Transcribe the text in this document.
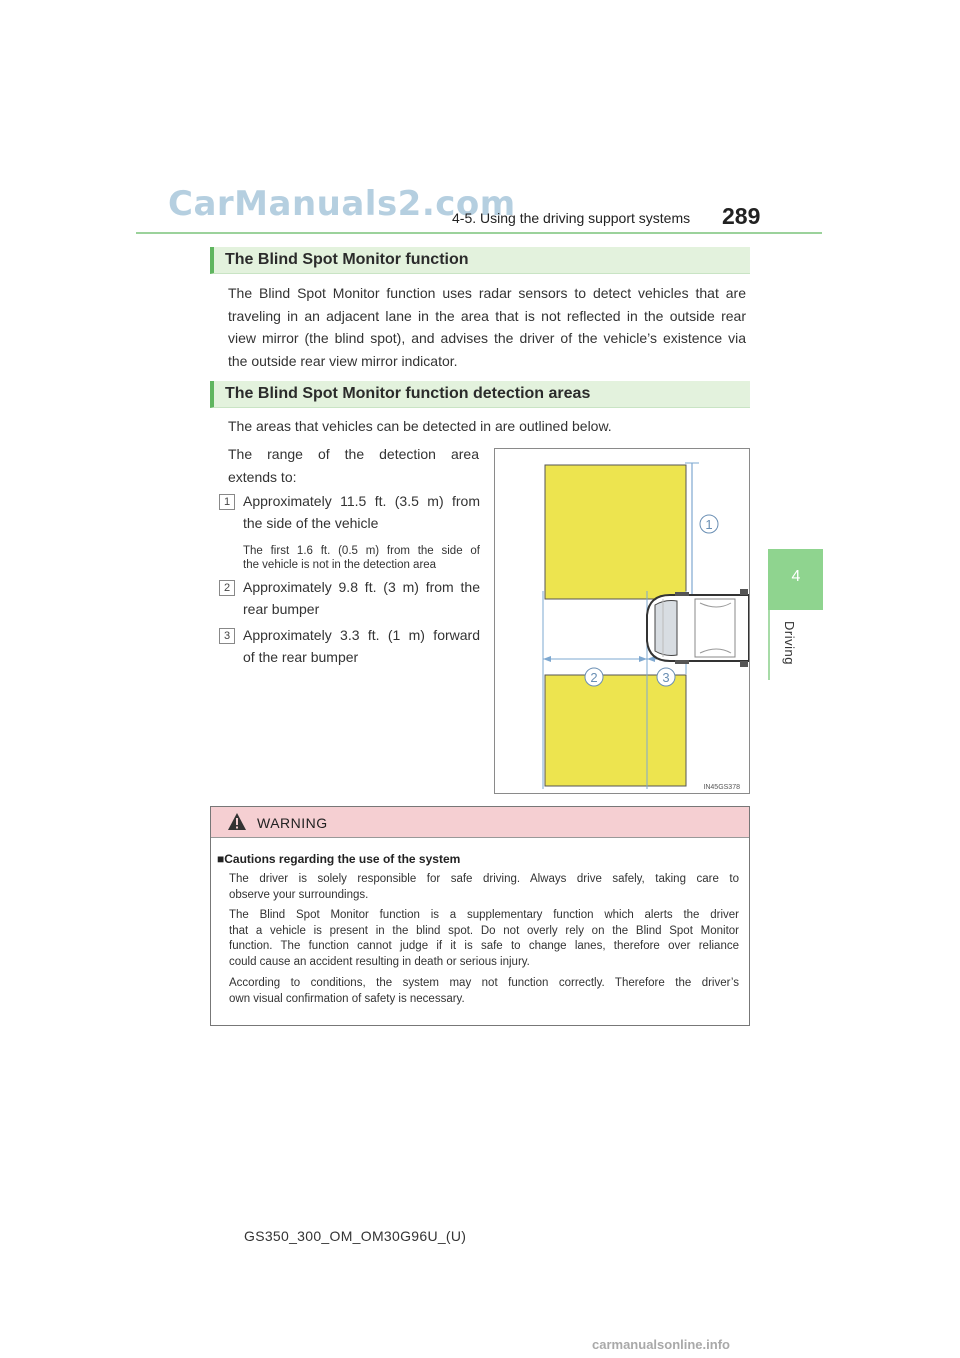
CarManuals2.com
4-5. Using the driving support systems 289
4
Driving
The Blind Spot Monitor function
The Blind Spot Monitor function uses radar sensors to detect vehicles that are
traveling in an adjacent lane in the area that is not reflected in the outside rear
view mirror (the blind spot), and advises the driver of the vehicle’s existence via
the outside rear view mirror indicator.
The Blind Spot Monitor function detection areas
The areas that vehicles can be detected in are outlined below.
The range of the detection area
extends to:
1 Approximately 11.5 ft. (3.5 m) from
the side of the vehicle
The first 1.6 ft. (0.5 m) from the side of
the vehicle is not in the detection area
2 Approximately 9.8 ft. (3 m) from the
rear bumper
3 Approximately 3.3 ft. (1 m) forward
of the rear bumper
1
2	3
IN45GS378
WARNING
■Cautions regarding the use of the system
The driver is solely responsible for safe driving. Always drive safely, taking care to
observe your surroundings.
The Blind Spot Monitor function is a supplementary function which alerts the driver
that a vehicle is present in the blind spot. Do not overly rely on the Blind Spot Monitor
function. The function cannot judge if it is safe to change lanes, therefore over reliance
could cause an accident resulting in death or serious injury.
According to conditions, the system may not function correctly. Therefore the driver’s
own visual confirmation of safety is necessary.
GS350_300_OM_OM30G96U_(U)
carmanualsonline.info
